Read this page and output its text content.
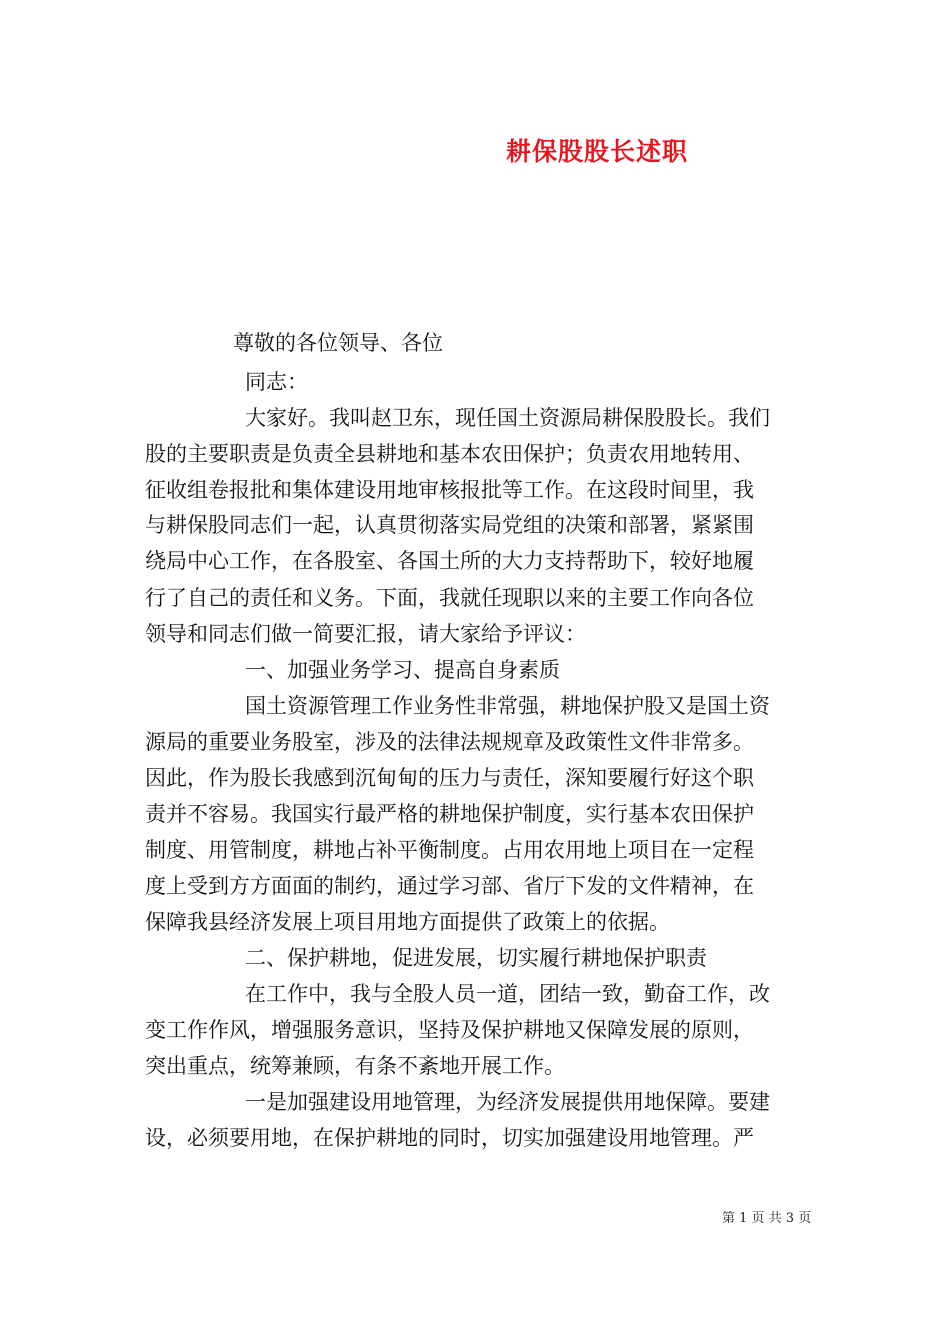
耕保股股长述职
尊敬的各位领导、各位
同志：
大家好。我叫赵卫东，现任国土资源局耕保股股长。我们
股的主要职责是负责全县耕地和基本农田保护；负责农用地转用、
征收组卷报批和集体建设用地审核报批等工作。在这段时间里，我
与耕保股同志们一起，认真贯彻落实局党组的决策和部署，紧紧围
绕局中心工作，在各股室、各国土所的大力支持帮助下，较好地履
行了自己的责任和义务。下面，我就任现职以来的主要工作向各位
领导和同志们做一简要汇报，请大家给予评议：
一、加强业务学习、提高自身素质
国土资源管理工作业务性非常强，耕地保护股又是国土资
源局的重要业务股室，涉及的法律法规规章及政策性文件非常多。
因此，作为股长我感到沉甸甸的压力与责任，深知要履行好这个职
责并不容易。我国实行最严格的耕地保护制度，实行基本农田保护
制度、用管制度，耕地占补平衡制度。占用农用地上项目在一定程
度上受到方方面面的制约，通过学习部、省厅下发的文件精神，在
保障我县经济发展上项目用地方面提供了政策上的依据。
二、保护耕地，促进发展，切实履行耕地保护职责
在工作中，我与全股人员一道，团结一致，勤奋工作，改
变工作作风，增强服务意识，坚持及保护耕地又保障发展的原则，
突出重点，统筹兼顾，有条不紊地开展工作。
一是加强建设用地管理，为经济发展提供用地保障。要建
设，必须要用地，在保护耕地的同时，切实加强建设用地管理。严
第 1 页 共 3 页
